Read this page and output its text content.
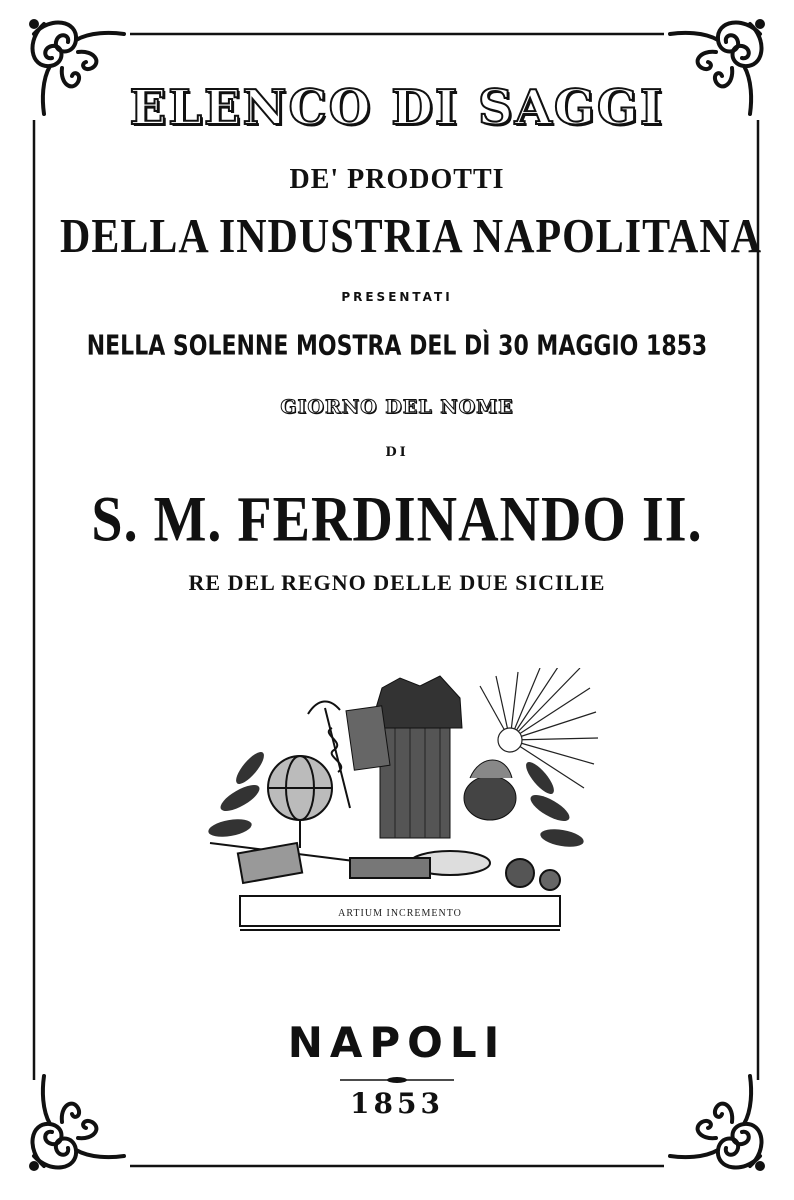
ELENCO DI SAGGI

DE' PRODOTTI

DELLA INDUSTRIA NAPOLITANA

PRESENTATI

NELLA SOLENNE MOSTRA DEL DÌ 30 MAGGIO 1853

GIORNO DEL NOME

DI

S. M. FERDINANDO II.

RE DEL REGNO DELLE DUE SICILIE

ARTIUM INCREMENTO

NAPOLI

1853
